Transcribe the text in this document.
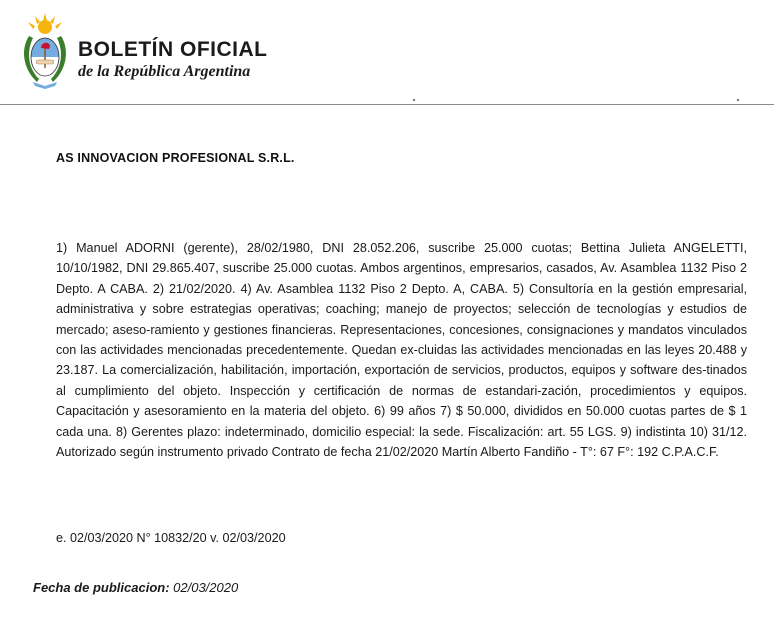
BOLETÍN OFICIAL
de la República Argentina
AS INNOVACION PROFESIONAL S.R.L.
1) Manuel ADORNI (gerente), 28/02/1980, DNI 28.052.206, suscribe 25.000 cuotas; Bettina Julieta ANGELETTI, 10/10/1982, DNI 29.865.407, suscribe 25.000 cuotas. Ambos argentinos, empresarios, casados, Av. Asamblea 1132 Piso 2 Depto. A CABA. 2) 21/02/2020. 4) Av. Asamblea 1132 Piso 2 Depto. A, CABA. 5) Consultoría en la gestión empresarial, administrativa y sobre estrategias operativas; coaching; manejo de proyectos; selección de tecnologías y estudios de mercado; aseso-ramiento y gestiones financieras. Representaciones, concesiones, consignaciones y mandatos vinculados con las actividades mencionadas precedentemente. Quedan ex-cluidas las actividades mencionadas en las leyes 20.488 y 23.187. La comercialización, habilitación, importación, exportación de servicios, productos, equipos y software des-tinados al cumplimiento del objeto. Inspección y certificación de normas de estandari-zación, procedimientos y equipos. Capacitación y asesoramiento en la materia del objeto. 6) 99 años 7) $ 50.000, divididos en 50.000 cuotas partes de $ 1 cada una. 8) Gerentes plazo: indeterminado, domicilio especial: la sede. Fiscalización: art. 55 LGS. 9) indistinta 10) 31/12. Autorizado según instrumento privado Contrato de fecha 21/02/2020 Martín Alberto Fandiño - T°: 67 F°: 192 C.P.A.C.F.
e. 02/03/2020 N° 10832/20 v. 02/03/2020
Fecha de publicacion: 02/03/2020
